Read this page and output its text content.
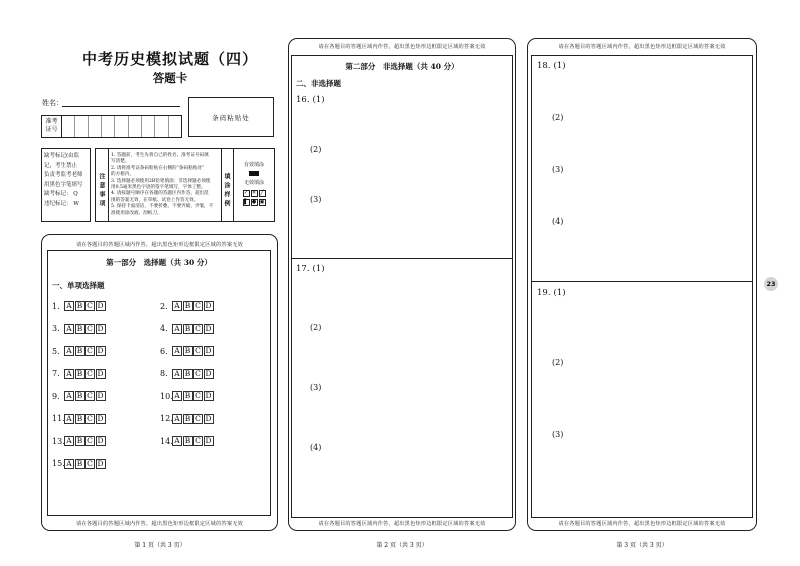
中考历史模拟试题（四）
答题卡
姓名：
准考
证号
条码粘贴处
缺考标记(由监
记，考生禁止
负责考监考老师
用黑色字笔填写
缺考标记： Q
违纪标记： W	注意事项
1. 答题前，考生先将自己的姓名、准考证号码填
写清楚。
2. 请将准考证条码粘贴在右侧的“条码粘贴处”
的方框内。
3. 选择题必须使用2B铅笔填涂；非选择题必须使
用0.5毫米黑色字迹的签字笔填写，字体工整。
4. 请按题号顺序在各题的答题区内作答，超出范
围的答案无效，在草纸、试卷上作答无效。
5. 保持卡面清洁，不要折叠、不要弄破、弄皱，不
准使用涂改液、刮纸刀。
填涂样例
有效填涂
无效填涂
✓ ✕ ╱
▌ ● ▣
请在各题目的答题区域内作答，超出黑色矩形边框限定区域的答案无效
第一部分　选择题（共 30 分）
一、单项选择题
1. A B C D	2. A B C D
3. A B C D	4. A B C D
5. A B C D	6. A B C D
7. A B C D	8. A B C D
9. A B C D	10. A B C D
11. A B C D	12. A B C D
13. A B C D	14. A B C D
15. A B C D
请在各题目的答题区域内作答，超出黑色矩形边框限定区域的答案无效
第 1 页（共 3 页）
请在各题目的答题区域内作答，超出黑色矩形边框限定区域的答案无效
第二部分　非选择题（共 40 分）
二、非选择题
16. (1)
(2)
(3)
17. (1)
(2)
(3)
(4)
请在各题目的答题区域内作答，超出黑色矩形边框限定区域的答案无效
第 2 页（共 3 页）
请在各题目的答题区域内作答，超出黑色矩形边框限定区域的答案无效
18. (1)
(2)
(3)
(4)
19. (1)
(2)
(3)
请在各题目的答题区域内作答，超出黑色矩形边框限定区域的答案无效
第 3 页（共 3 页）
23
